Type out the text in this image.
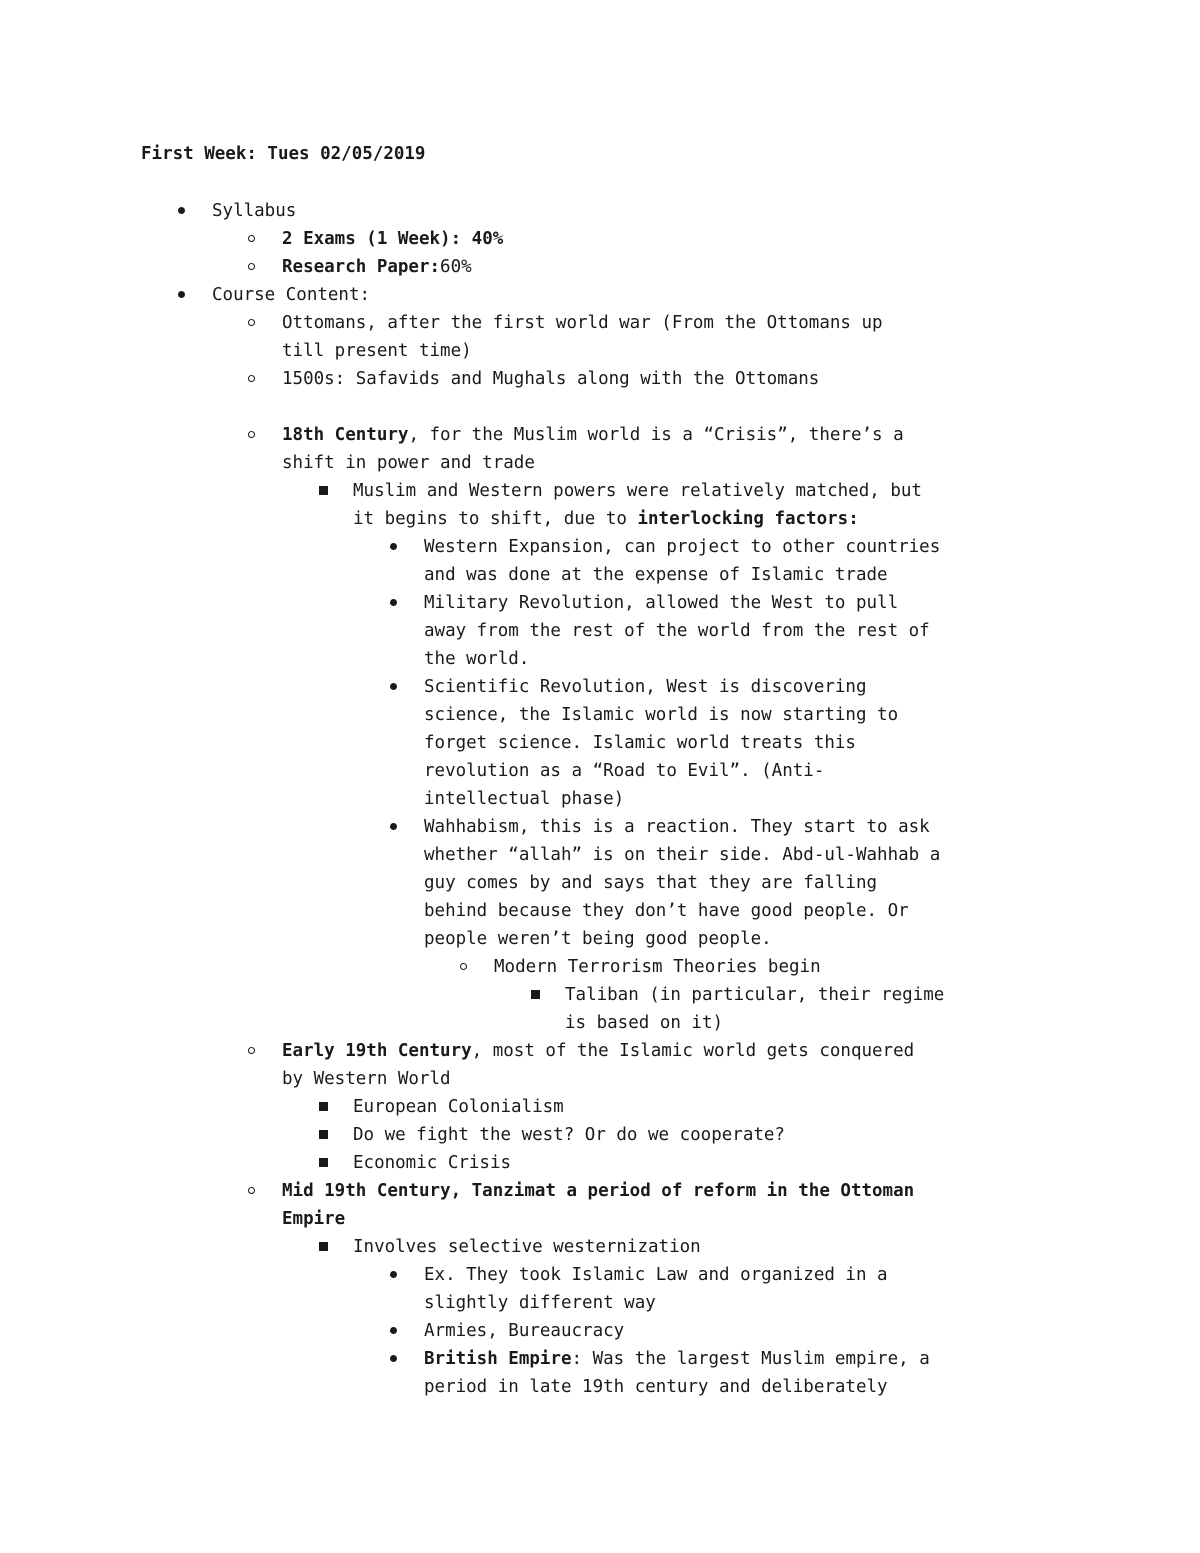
First Week: Tues 02/05/2019
Syllabus
2 Exams (1 Week): 40%
Research Paper:60%
Course Content:
Ottomans, after the first world war (From the Ottomans up
till present time)
1500s: Safavids and Mughals along with the Ottomans
18th Century, for the Muslim world is a “Crisis”, there’s a
shift in power and trade
Muslim and Western powers were relatively matched, but
it begins to shift, due to interlocking factors:
Western Expansion, can project to other countries
and was done at the expense of Islamic trade
Military Revolution, allowed the West to pull
away from the rest of the world from the rest of
the world.
Scientific Revolution, West is discovering
science, the Islamic world is now starting to
forget science. Islamic world treats this
revolution as a “Road to Evil”. (Anti-
intellectual phase)
Wahhabism, this is a reaction. They start to ask
whether “allah” is on their side. Abd-ul-Wahhab a
guy comes by and says that they are falling
behind because they don’t have good people. Or
people weren’t being good people.
Modern Terrorism Theories begin
Taliban (in particular, their regime
is based on it)
Early 19th Century, most of the Islamic world gets conquered
by Western World
European Colonialism
Do we fight the west? Or do we cooperate?
Economic Crisis
Mid 19th Century, Tanzimat a period of reform in the Ottoman
Empire
Involves selective westernization
Ex. They took Islamic Law and organized in a
slightly different way
Armies, Bureaucracy
British Empire: Was the largest Muslim empire, a
period in late 19th century and deliberately
